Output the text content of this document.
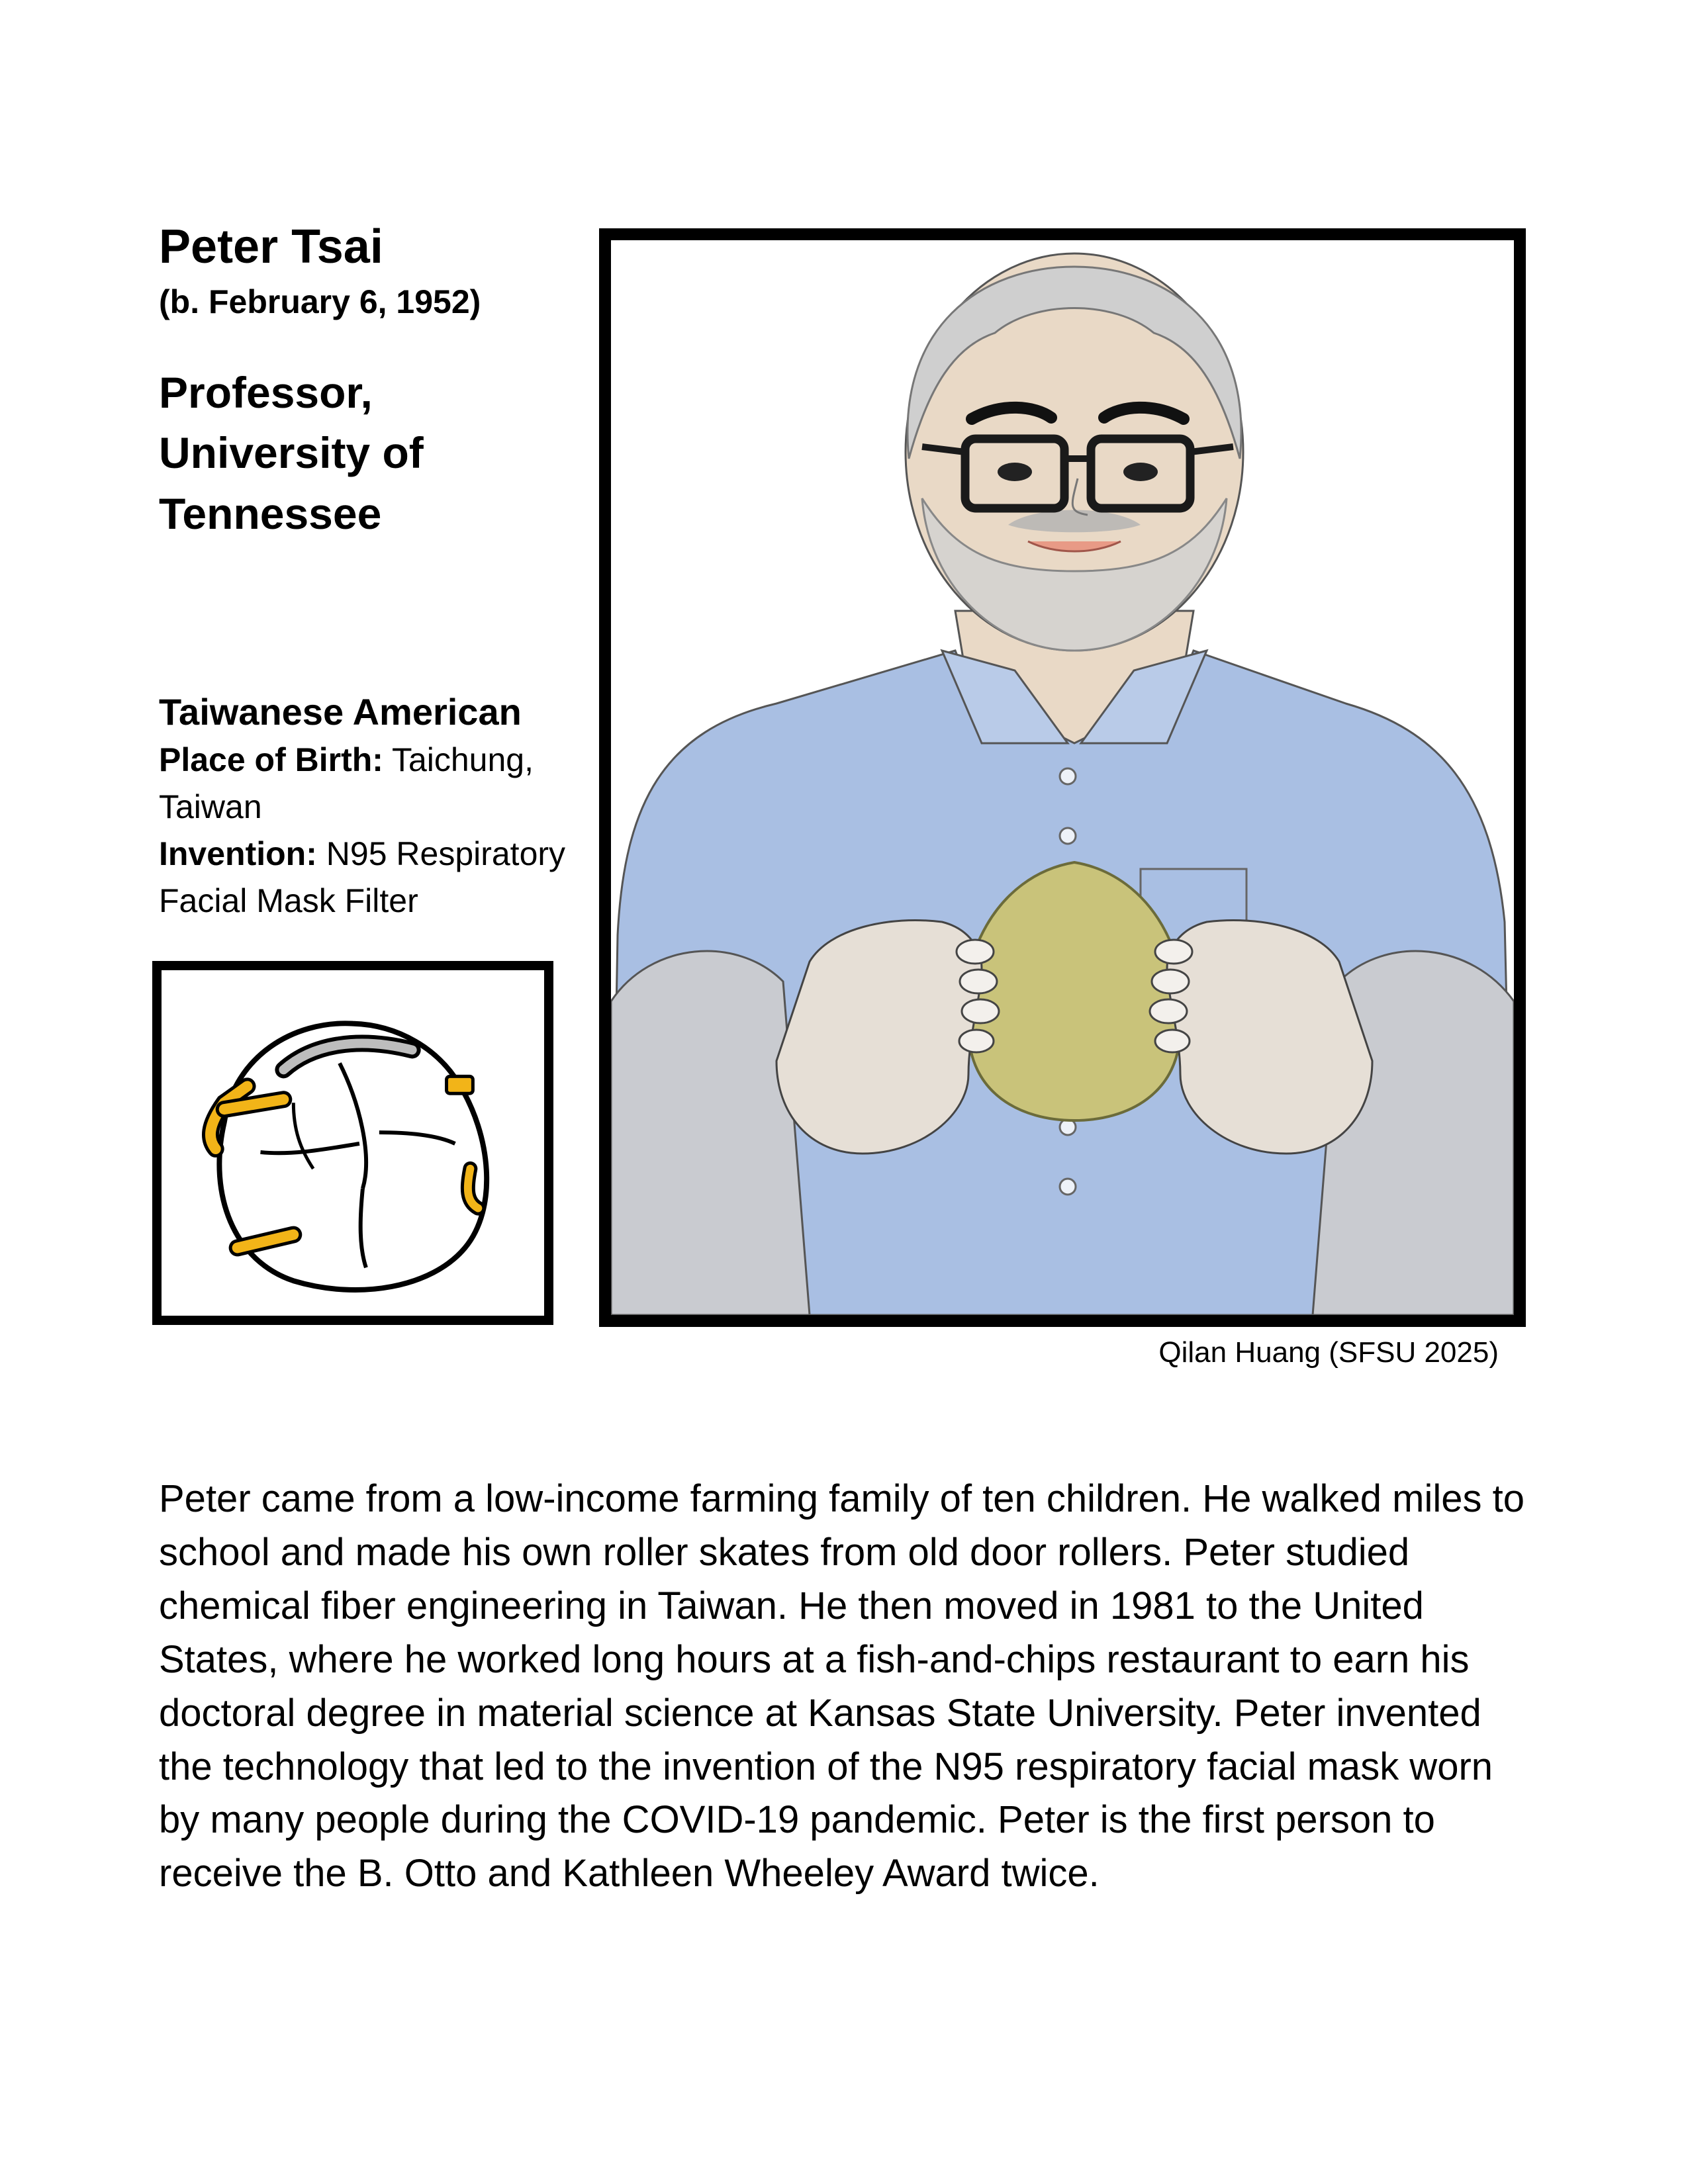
Peter Tsai

(b. February 6, 1952)

Professor, University of Tennessee

Taiwanese American

Place of Birth: Taichung, Taiwan

Invention: N95 Respiratory Facial Mask Filter

Qilan Huang (SFSU 2025)

Peter came from a low-income farming family of ten children. He walked miles to school and made his own roller skates from old door rollers. Peter studied chemical fiber engineering in Taiwan. He then moved in 1981 to the United States, where he worked long hours at a fish-and-chips restaurant to earn his doctoral degree in material science at Kansas State University. Peter invented the technology that led to the invention of the N95 respiratory facial mask worn by many people during the COVID-19 pandemic. Peter is the first person to receive the B. Otto and Kathleen Wheeley Award twice.
